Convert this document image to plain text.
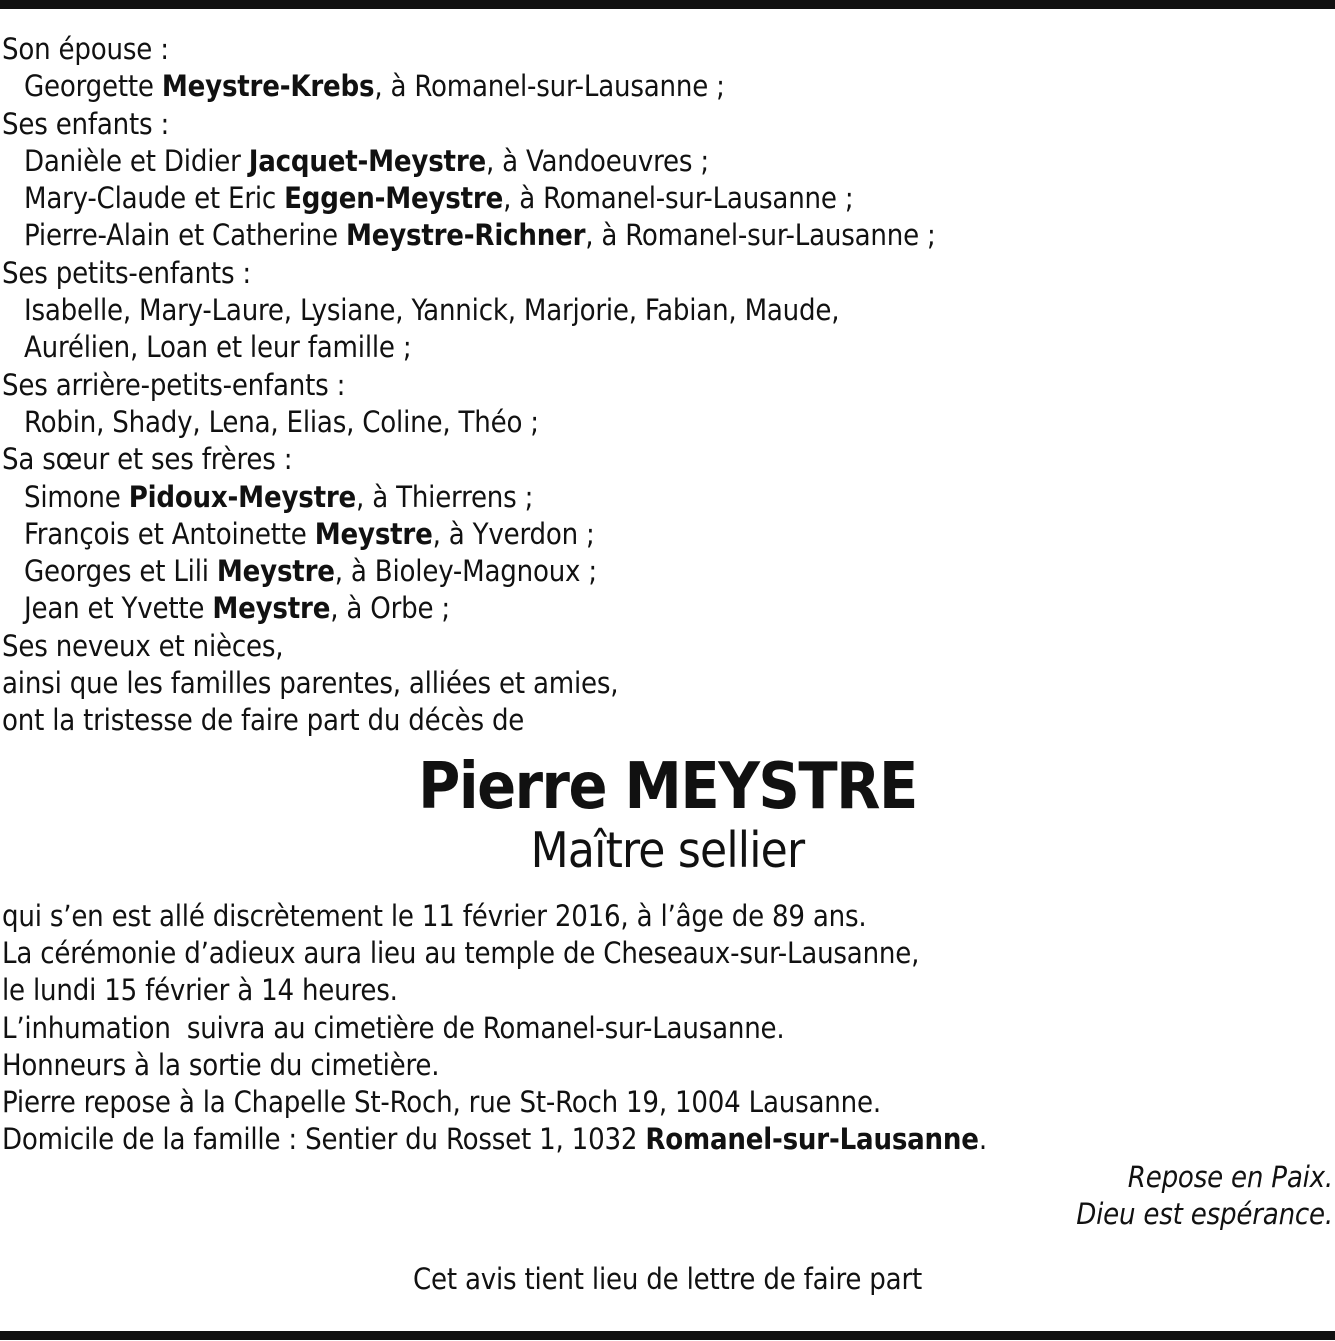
Son épouse :
Georgette Meystre-Krebs, à Romanel-sur-Lausanne ;
Ses enfants :
Danièle et Didier Jacquet-Meystre, à Vandoeuvres ;
Mary-Claude et Eric Eggen-Meystre, à Romanel-sur-Lausanne ;
Pierre-Alain et Catherine Meystre-Richner, à Romanel-sur-Lausanne ;
Ses petits-enfants :
Isabelle, Mary-Laure, Lysiane, Yannick, Marjorie, Fabian, Maude,
Aurélien, Loan et leur famille ;
Ses arrière-petits-enfants :
Robin, Shady, Lena, Elias, Coline, Théo ;
Sa sœur et ses frères :
Simone Pidoux-Meystre, à Thierrens ;
François et Antoinette Meystre, à Yverdon ;
Georges et Lili Meystre, à Bioley-Magnoux ;
Jean et Yvette Meystre, à Orbe ;
Ses neveux et nièces,
ainsi que les familles parentes, alliées et amies,
ont la tristesse de faire part du décès de
Pierre MEYSTRE
Maître sellier
qui s’en est allé discrètement le 11 février 2016, à l’âge de 89 ans.
La cérémonie d’adieux aura lieu au temple de Cheseaux-sur-Lausanne,
le lundi 15 février à 14 heures.
L’inhumation  suivra au cimetière de Romanel-sur-Lausanne.
Honneurs à la sortie du cimetière.
Pierre repose à la Chapelle St-Roch, rue St-Roch 19, 1004 Lausanne.
Domicile de la famille : Sentier du Rosset 1, 1032 Romanel-sur-Lausanne.
Repose en Paix.
Dieu est espérance.
Cet avis tient lieu de lettre de faire part
